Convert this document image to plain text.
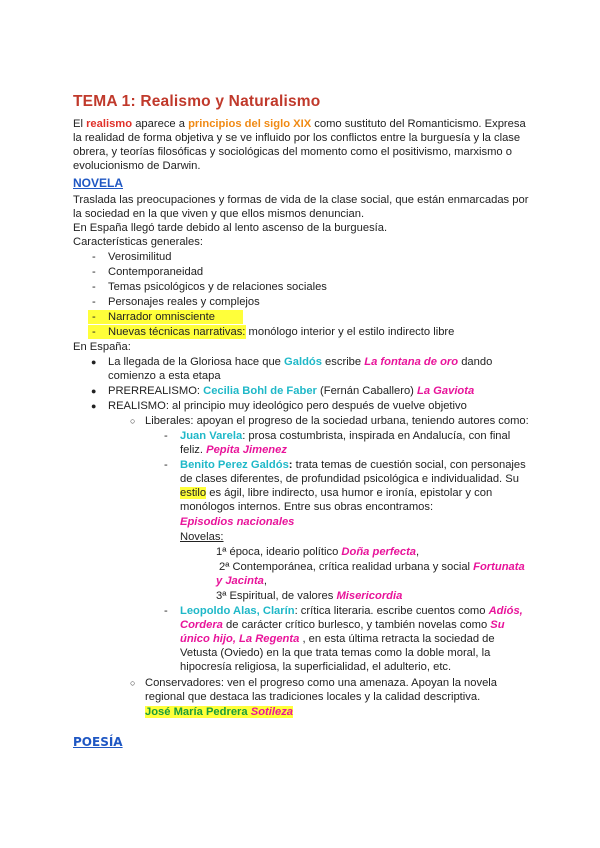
TEMA 1: Realismo y Naturalismo
El realismo aparece a principios del siglo XIX como sustituto del Romanticismo. Expresa
la realidad de forma objetiva y se ve influido por los conflictos entre la burguesía y la clase
obrera, y teorías filosóficas y sociológicas del momento como el positivismo, marxismo o
evolucionismo de Darwin.
NOVELA
Traslada las preocupaciones y formas de vida de la clase social, que están enmarcadas por
la sociedad en la que viven y que ellos mismos denuncian.
En España llegó tarde debido al lento ascenso de la burguesía.
Características generales:
- Verosimilitud
- Contemporaneidad
- Temas psicológicos y de relaciones sociales
- Personajes reales y complejos
- Narrador omnisciente
- Nuevas técnicas narrativas: monólogo interior y el estilo indirecto libre
En España:
● La llegada de la Gloriosa hace que Galdós escribe La fontana de oro dando
comienzo a esta etapa
● PRERREALISMO: Cecilia Bohl de Faber (Fernán Caballero) La Gaviota
● REALISMO: al principio muy ideológico pero después de vuelve objetivo
○ Liberales: apoyan el progreso de la sociedad urbana, teniendo autores como:
- Juan Varela: prosa costumbrista, inspirada en Andalucía, con final
feliz. Pepita Jimenez
- Benito Perez Galdós: trata temas de cuestión social, con personajes
de clases diferentes, de profundidad psicológica e individualidad. Su
estilo es ágil, libre indirecto, usa humor e ironía, epistolar y con
monólogos internos. Entre sus obras encontramos:
Episodios nacionales
Novelas:
1ª época, ideario político Doña perfecta,
2ª Contemporánea, crítica realidad urbana y social Fortunata
y Jacinta,
3ª Espiritual, de valores Misericordia
- Leopoldo Alas, Clarín: crítica literaria. escribe cuentos como Adiós,
Cordera de carácter crítico burlesco, y también novelas como Su
único hijo, La Regenta , en esta última retracta la sociedad de
Vetusta (Oviedo) en la que trata temas como la doble moral, la
hipocresía religiosa, la superficialidad, el adulterio, etc.
○ Conservadores: ven el progreso como una amenaza. Apoyan la novela
regional que destaca las tradiciones locales y la calidad descriptiva.
José María Pedrera Sotileza
POESÍA
